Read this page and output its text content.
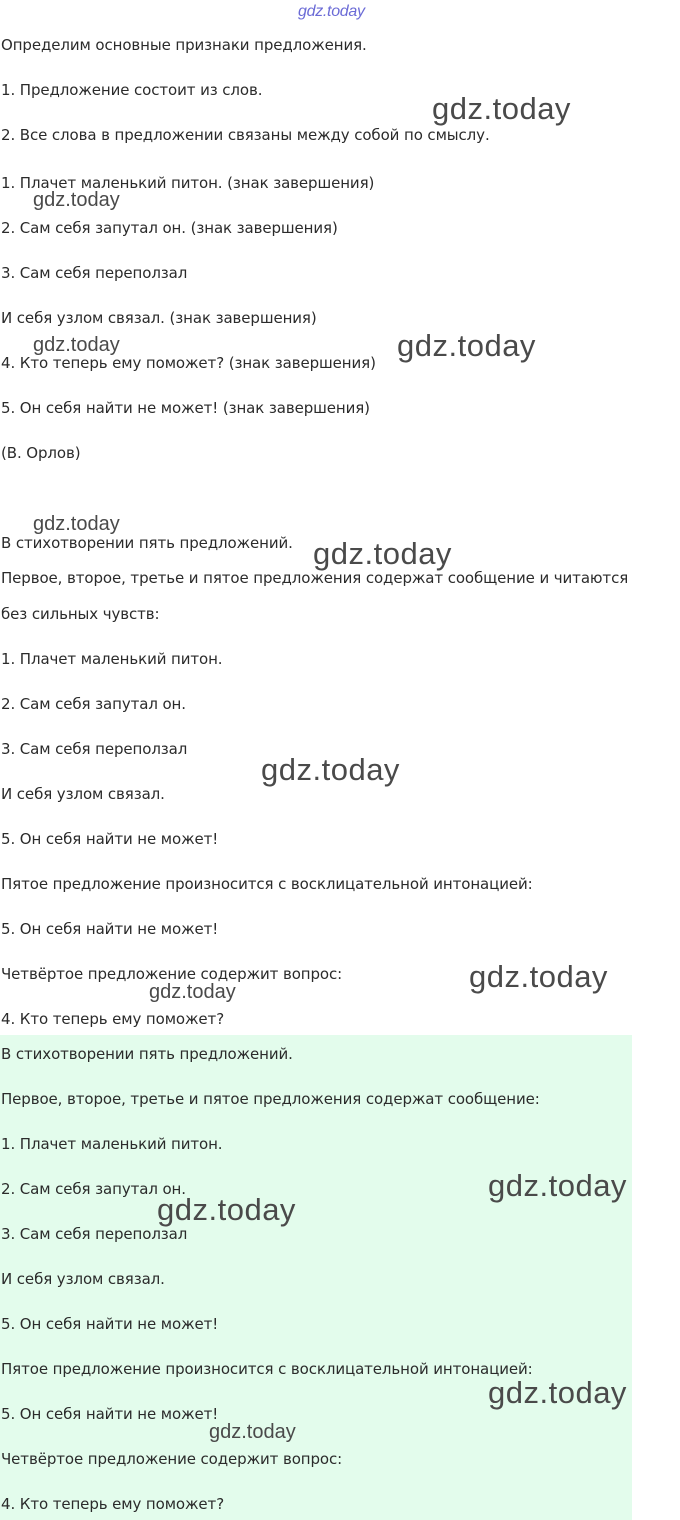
gdz.today

Определим основные признаки предложения.

1. Предложение состоит из слов.

2. Все слова в предложении связаны между собой по смыслу.

1. Плачет маленький питон. (знак завершения)

2. Сам себя запутал он. (знак завершения)

3. Сам себя переползал

И себя узлом связал. (знак завершения)

4. Кто теперь ему поможет? (знак завершения)

5. Он себя найти не может! (знак завершения)

(В. Орлов)

В стихотворении пять предложений.

Первое, второе, третье и пятое предложения содержат сообщение и читаются

без сильных чувств:

1. Плачет маленький питон.

2. Сам себя запутал он.

3. Сам себя переползал

И себя узлом связал.

5. Он себя найти не может!

Пятое предложение произносится с восклицательной интонацией:

5. Он себя найти не может!

Четвёртое предложение содержит вопрос:

4. Кто теперь ему поможет?

В стихотворении пять предложений.

Первое, второе, третье и пятое предложения содержат сообщение:

1. Плачет маленький питон.

2. Сам себя запутал он.

3. Сам себя переползал

И себя узлом связал.

5. Он себя найти не может!

Пятое предложение произносится с восклицательной интонацией:

5. Он себя найти не может!

Четвёртое предложение содержит вопрос:

4. Кто теперь ему поможет?

gdz.today
gdz.today
gdz.today	gdz.today
gdz.today
gdz.today
gdz.today
gdz.today
gdz.today
gdz.today
gdz.today
gdz.today
gdz.today
